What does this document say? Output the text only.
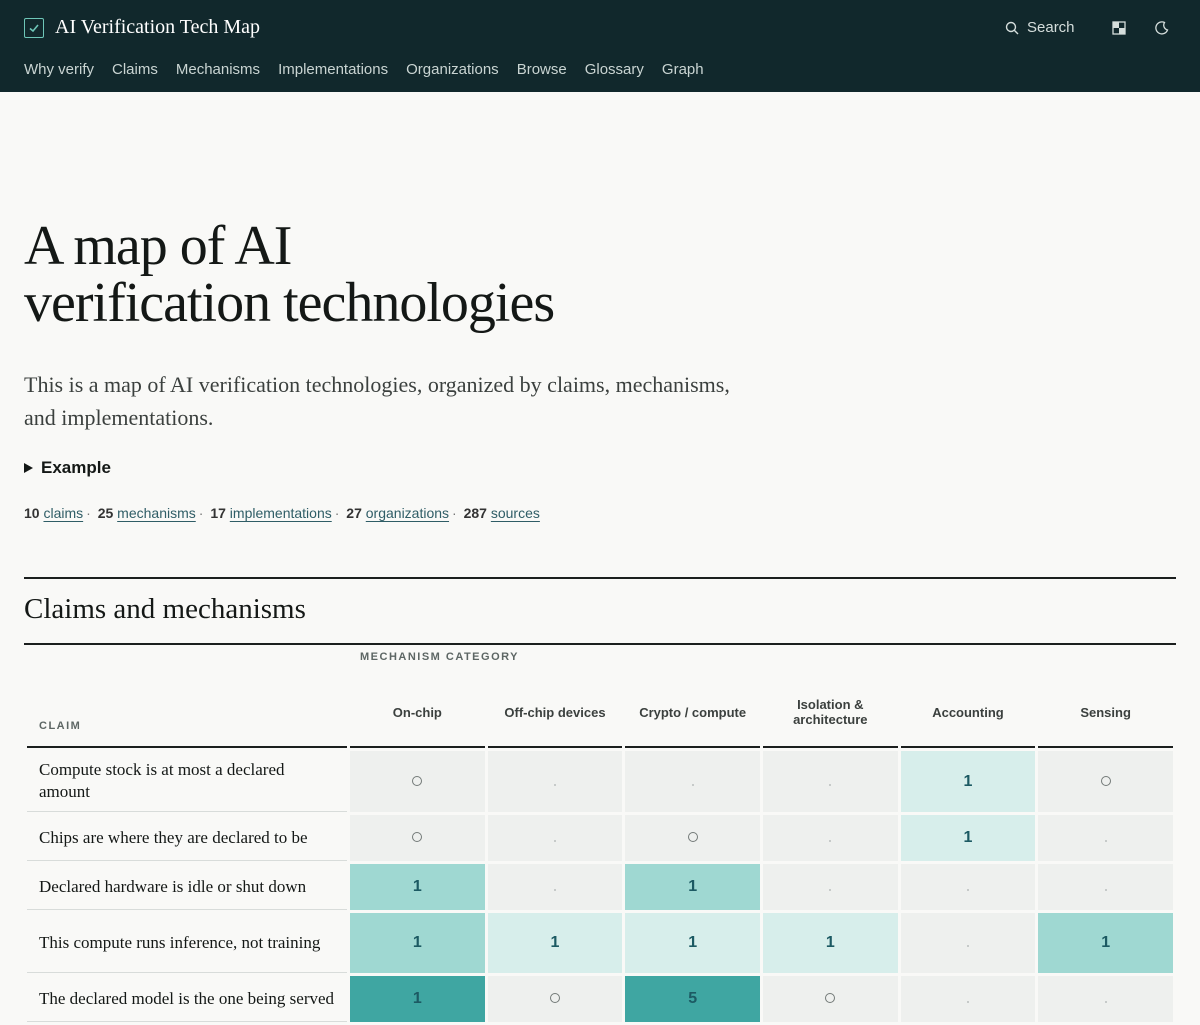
AI Verification Tech Map	Search
Why verify Claims Mechanisms Implementations Organizations Browse Glossary Graph
A map of AI
verification technologies

This is a map of AI verification technologies, organized by claims, mechanisms, and implementations.

Example
10 claims · 25 mechanisms · 17 implementations · 27 organizations · 287 sources
Claims and mechanisms
MECHANISM CATEGORY
CLAIM	On-chip	Off-chip devices	Crypto / compute	Isolation & architecture	Accounting	Sensing
Compute stock is at most a declared amount					1	
Chips are where they are declared to be					1	
Declared hardware is idle or shut down	1		1			
This compute runs inference, not training	1	1	1	1		1
The declared model is the one being served	1		5			
